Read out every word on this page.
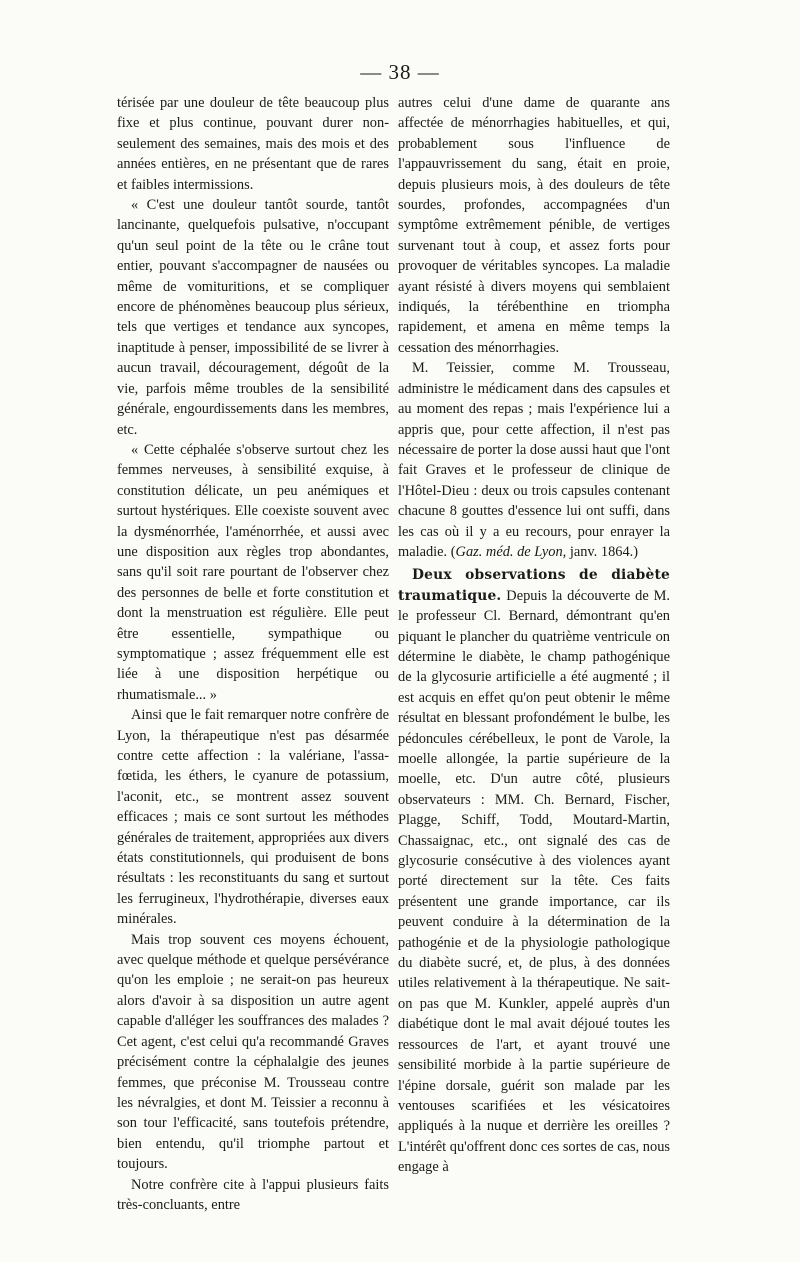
— 38 —

térisée par une douleur de tête beaucoup plus fixe et plus continue, pouvant durer non-seulement des semaines, mais des mois et des années entières, en ne présentant que de rares et faibles intermissions.

« C'est une douleur tantôt sourde, tantôt lancinante, quelquefois pulsative, n'occupant qu'un seul point de la tête ou le crâne tout entier, pouvant s'accompagner de nausées ou même de vomituritions, et se compliquer encore de phénomènes beaucoup plus sérieux, tels que vertiges et tendance aux syncopes, inaptitude à penser, impossibilité de se livrer à aucun travail, découragement, dégoût de la vie, parfois même troubles de la sensibilité générale, engourdissements dans les membres, etc.

« Cette céphalée s'observe surtout chez les femmes nerveuses, à sensibilité exquise, à constitution délicate, un peu anémiques et surtout hystériques. Elle coexiste souvent avec la dysménorrhée, l'aménorrhée, et aussi avec une disposition aux règles trop abondantes, sans qu'il soit rare pourtant de l'observer chez des personnes de belle et forte constitution et dont la menstruation est régulière. Elle peut être essentielle, sympathique ou symptomatique ; assez fréquemment elle est liée à une disposition herpétique ou rhumatismale... »

Ainsi que le fait remarquer notre confrère de Lyon, la thérapeutique n'est pas désarmée contre cette affection : la valériane, l'assa-fœtida, les éthers, le cyanure de potassium, l'aconit, etc., se montrent assez souvent efficaces ; mais ce sont surtout les méthodes générales de traitement, appropriées aux divers états constitutionnels, qui produisent de bons résultats : les reconstituants du sang et surtout les ferrugineux, l'hydrothérapie, diverses eaux minérales.

Mais trop souvent ces moyens échouent, avec quelque méthode et quelque persévérance qu'on les emploie ; ne serait-on pas heureux alors d'avoir à sa disposition un autre agent capable d'alléger les souffrances des malades ? Cet agent, c'est celui qu'a recommandé Graves précisément contre la céphalalgie des jeunes femmes, que préconise M. Trousseau contre les névralgies, et dont M. Teissier a reconnu à son tour l'efficacité, sans toutefois prétendre, bien entendu, qu'il triomphe partout et toujours.

Notre confrère cite à l'appui plusieurs faits très-concluants, entre

autres celui d'une dame de quarante ans affectée de ménorrhagies habituelles, et qui, probablement sous l'influence de l'appauvrissement du sang, était en proie, depuis plusieurs mois, à des douleurs de tête sourdes, profondes, accompagnées d'un symptôme extrêmement pénible, de vertiges survenant tout à coup, et assez forts pour provoquer de véritables syncopes. La maladie ayant résisté à divers moyens qui semblaient indiqués, la térébenthine en triompha rapidement, et amena en même temps la cessation des ménorrhagies.

M. Teissier, comme M. Trousseau, administre le médicament dans des capsules et au moment des repas ; mais l'expérience lui a appris que, pour cette affection, il n'est pas nécessaire de porter la dose aussi haut que l'ont fait Graves et le professeur de clinique de l'Hôtel-Dieu : deux ou trois capsules contenant chacune 8 gouttes d'essence lui ont suffi, dans les cas où il y a eu recours, pour enrayer la maladie. (Gaz. méd. de Lyon, janv. 1864.)

Deux observations de diabète traumatique. Depuis la découverte de M. le professeur Cl. Bernard, démontrant qu'en piquant le plancher du quatrième ventricule on détermine le diabète, le champ pathogénique de la glycosurie artificielle a été augmenté ; il est acquis en effet qu'on peut obtenir le même résultat en blessant profondément le bulbe, les pédoncules cérébelleux, le pont de Varole, la moelle allongée, la partie supérieure de la moelle, etc. D'un autre côté, plusieurs observateurs : MM. Ch. Bernard, Fischer, Plagge, Schiff, Todd, Moutard-Martin, Chassaignac, etc., ont signalé des cas de glycosurie consécutive à des violences ayant porté directement sur la tête. Ces faits présentent une grande importance, car ils peuvent conduire à la détermination de la pathogénie et de la physiologie pathologique du diabète sucré, et, de plus, à des données utiles relativement à la thérapeutique. Ne sait-on pas que M. Kunkler, appelé auprès d'un diabétique dont le mal avait déjoué toutes les ressources de l'art, et ayant trouvé une sensibilité morbide à la partie supérieure de l'épine dorsale, guérit son malade par les ventouses scarifiées et les vésicatoires appliqués à la nuque et derrière les oreilles ? L'intérêt qu'offrent donc ces sortes de cas, nous engage à
